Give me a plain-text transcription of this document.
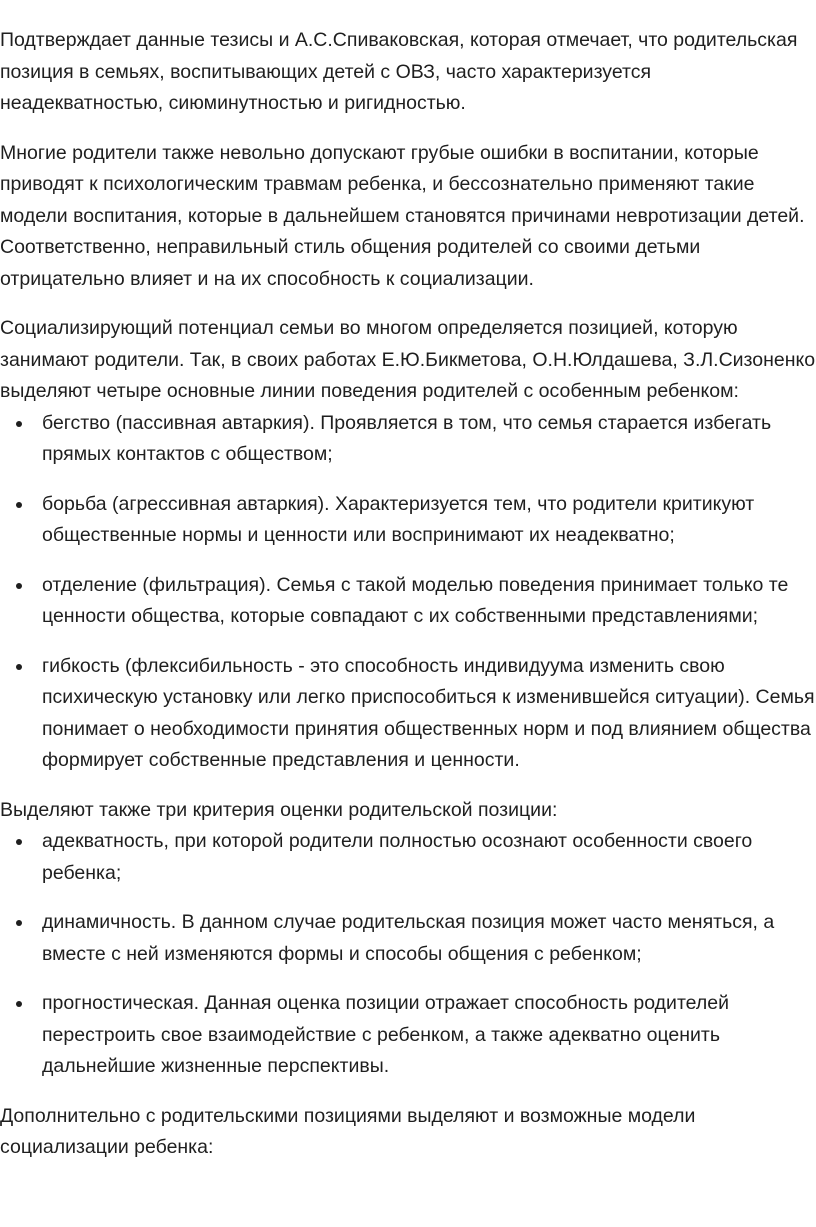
Подтверждает данные тезисы и А.С.Спиваковская, которая отмечает, что родительская позиция в семьях, воспитывающих детей с ОВЗ, часто характеризуется неадекватностью, сиюминутностью и ригидностью.

Многие родители также невольно допускают грубые ошибки в воспитании, которые приводят к психологическим травмам ребенка, и бессознательно применяют такие модели воспитания, которые в дальнейшем становятся причинами невротизации детей. Соответственно, неправильный стиль общения родителей со своими детьми отрицательно влияет и на их способность к социализации.

Социализирующий потенциал семьи во многом определяется позицией, которую занимают родители. Так, в своих работах Е.Ю.Бикметова, О.Н.Юлдашева, З.Л.Сизоненко выделяют четыре основные линии поведения родителей с особенным ребенком:

бегство (пассивная автаркия). Проявляется в том, что семья старается избегать прямых контактов с обществом;
борьба (агрессивная автаркия). Характеризуется тем, что родители критикуют общественные нормы и ценности или воспринимают их неадекватно;
отделение (фильтрация). Семья с такой моделью поведения принимает только те ценности общества, которые совпадают с их собственными представлениями;
гибкость (флексибильность - это способность индивидуума изменить свою психическую установку или легко приспособиться к изменившейся ситуации). Семья понимает о необходимости принятия общественных норм и под влиянием общества формирует собственные представления и ценности.

Выделяют также три критерия оценки родительской позиции:

адекватность, при которой родители полностью осознают особенности своего ребенка;
динамичность. В данном случае родительская позиция может часто меняться, а вместе с ней изменяются формы и способы общения с ребенком;
прогностическая. Данная оценка позиции отражает способность родителей перестроить свое взаимодействие с ребенком, а также адекватно оценить дальнейшие жизненные перспективы.

Дополнительно с родительскими позициями выделяют и возможные модели социализации ребенка:
